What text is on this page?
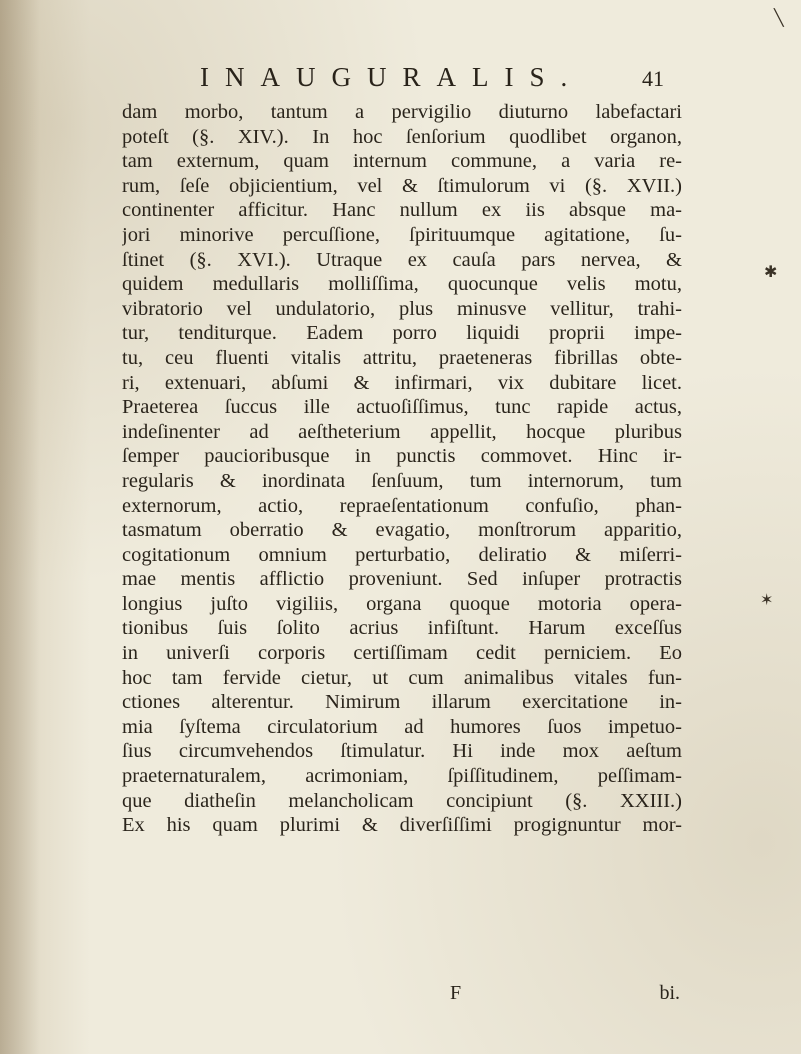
INAUGURALIS.	41
dam morbo, tantum a pervigilio diuturno labefactari
poteſt (§. XIV.). In hoc ſenſorium quodlibet organon,
tam externum, quam internum commune, a varia re-
rum, ſeſe objicientium, vel & ſtimulorum vi (§. XVII.)
continenter afficitur. Hanc nullum ex iis absque ma-
jori minorive percuſſione, ſpirituumque agitatione, ſu-
ſtinet (§. XVI.). Utraque ex cauſa pars nervea, &
quidem medullaris molliſſima, quocunque velis motu,
vibratorio vel undulatorio, plus minusve vellitur, trahi-
tur, tenditurque. Eadem porro liquidi proprii impe-
tu, ceu fluenti vitalis attritu, praeteneras fibrillas obte-
ri, extenuari, abſumi & infirmari, vix dubitare licet.
Praeterea ſuccus ille actuoſiſſimus, tunc rapide actus,
indeſinenter ad aeſtheterium appellit, hocque pluribus
ſemper paucioribusque in punctis commovet. Hinc ir-
regularis & inordinata ſenſuum, tum internorum, tum
externorum, actio, repraeſentationum confuſio, phan-
tasmatum oberratio & evagatio, monſtrorum apparitio,
cogitationum omnium perturbatio, deliratio & miſerri-
mae mentis afflictio proveniunt. Sed inſuper protractis
longius juſto vigiliis, organa quoque motoria opera-
tionibus ſuis ſolito acrius infiſtunt. Harum exceſſus
in univerſi corporis certiſſimam cedit perniciem. Eo
hoc tam fervide cietur, ut cum animalibus vitales fun-
ctiones alterentur. Nimirum illarum exercitatione in-
mia ſyſtema circulatorium ad humores ſuos impetuo-
ſius circumvehendos ſtimulatur. Hi inde mox aeſtum
praeternaturalem, acrimoniam, ſpiſſitudinem, peſſimam-
que diatheſin melancholicam concipiunt (§. XXIII.)
Ex his quam plurimi & diverſiſſimi progignuntur mor-
F	bi.
╲
✱
✶
